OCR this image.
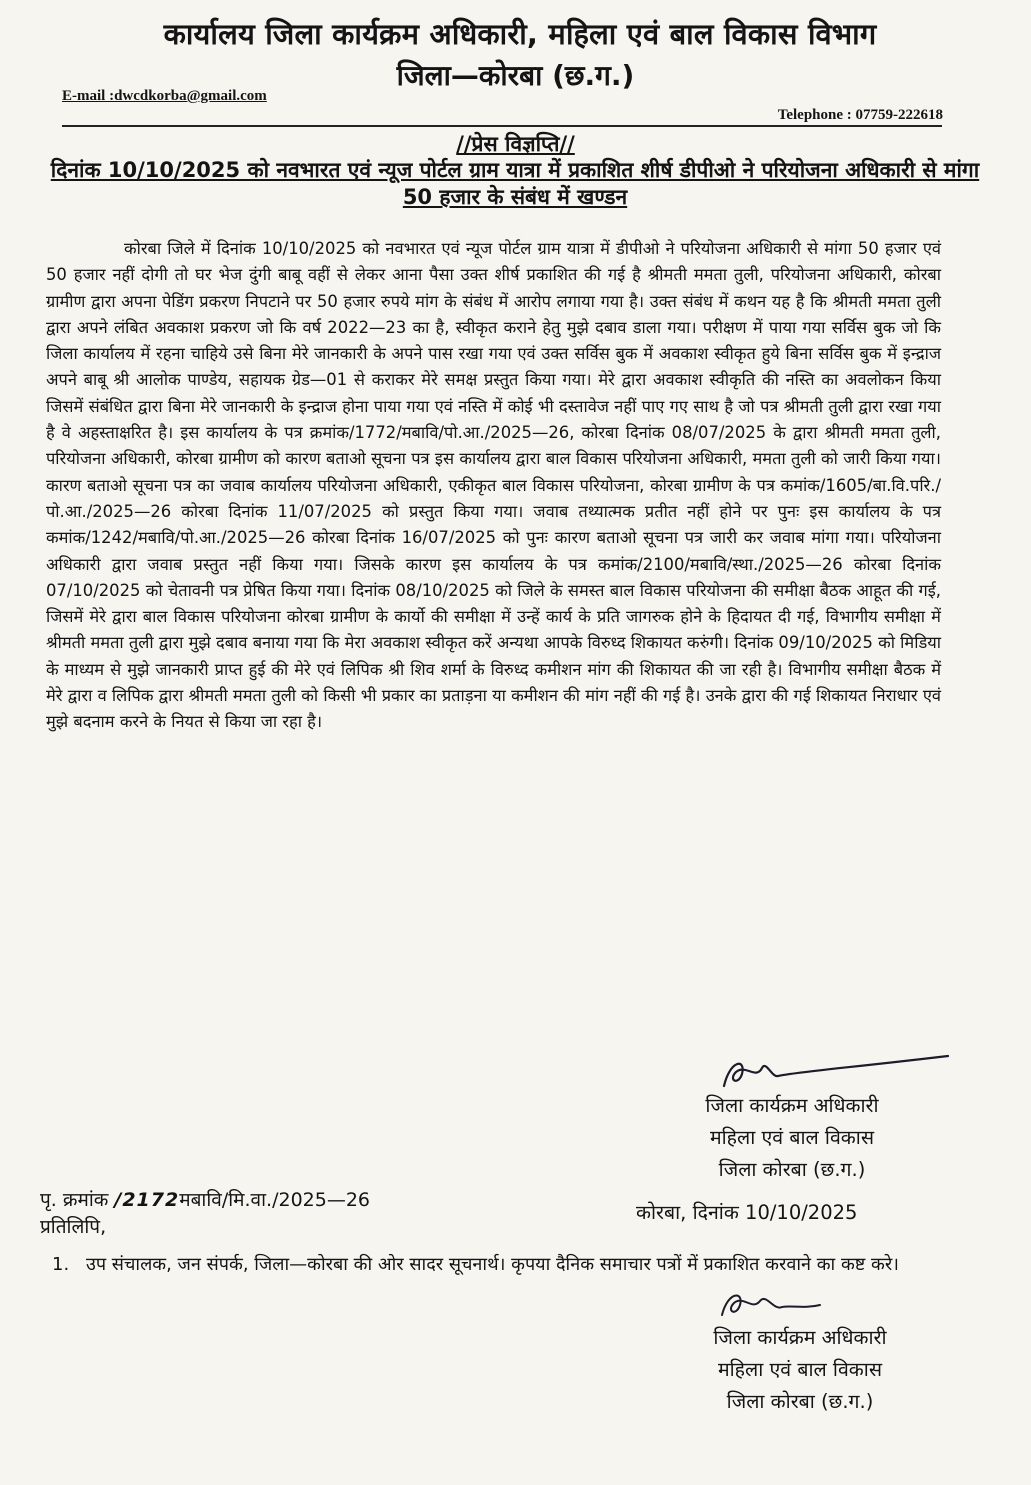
कार्यालय जिला कार्यक्रम अधिकारी, महिला एवं बाल विकास विभाग
जिला—कोरबा (छ.ग.)
E-mail :dwcdkorba@gmail.com
Telephone : 07759-222618
//प्रेस विज्ञप्ति//
दिनांक 10/10/2025 को नवभारत एवं न्यूज पोर्टल ग्राम यात्रा में प्रकाशित शीर्ष डीपीओ ने परियोजना अधिकारी से मांगा 50 हजार के संबंध में खण्डन
कोरबा जिले में दिनांक 10/10/2025 को नवभारत एवं न्यूज पोर्टल ग्राम यात्रा में डीपीओ ने परियोजना अधिकारी से मांगा 50 हजार एवं 50 हजार नहीं दोगी तो घर भेज दुंगी बाबू वहीं से लेकर आना पैसा उक्त शीर्ष प्रकाशित की गई है श्रीमती ममता तुली, परियोजना अधिकारी, कोरबा ग्रामीण द्वारा अपना पेडिंग प्रकरण निपटाने पर 50 हजार रुपये मांग के संबंध में आरोप लगाया गया है। उक्त संबंध में कथन यह है कि श्रीमती ममता तुली द्वारा अपने लंबित अवकाश प्रकरण जो कि वर्ष 2022—23 का है, स्वीकृत कराने हेतु मुझे दबाव डाला गया। परीक्षण में पाया गया सर्विस बुक जो कि जिला कार्यालय में रहना चाहिये उसे बिना मेरे जानकारी के अपने पास रखा गया एवं उक्त सर्विस बुक में अवकाश स्वीकृत हुये बिना सर्विस बुक में इन्द्राज अपने बाबू श्री आलोक पाण्डेय, सहायक ग्रेड—01 से कराकर मेरे समक्ष प्रस्तुत किया गया। मेरे द्वारा अवकाश स्वीकृति की नस्ति का अवलोकन किया जिसमें संबंधित द्वारा बिना मेरे जानकारी के इन्द्राज होना पाया गया एवं नस्ति में कोई भी दस्तावेज नहीं पाए गए साथ है जो पत्र श्रीमती तुली द्वारा रखा गया है वे अहस्ताक्षरित है। इस कार्यालय के पत्र क्रमांक/1772/मबावि/पो.आ./2025—26, कोरबा दिनांक 08/07/2025 के द्वारा श्रीमती ममता तुली, परियोजना अधिकारी, कोरबा ग्रामीण को कारण बताओ सूचना पत्र इस कार्यालय द्वारा बाल विकास परियोजना अधिकारी, ममता तुली को जारी किया गया। कारण बताओ सूचना पत्र का जवाब कार्यालय परियोजना अधिकारी, एकीकृत बाल विकास परियोजना, कोरबा ग्रामीण के पत्र कमांक/1605/बा.वि.परि./पो.आ./2025—26 कोरबा दिनांक 11/07/2025 को प्रस्तुत किया गया। जवाब तथ्यात्मक प्रतीत नहीं होने पर पुनः इस कार्यालय के पत्र कमांक/1242/मबावि/पो.आ./2025—26 कोरबा दिनांक 16/07/2025 को पुनः कारण बताओ सूचना पत्र जारी कर जवाब मांगा गया। परियोजना अधिकारी द्वारा जवाब प्रस्तुत नहीं किया गया। जिसके कारण इस कार्यालय के पत्र कमांक/2100/मबावि/स्था./2025—26 कोरबा दिनांक 07/10/2025 को चेतावनी पत्र प्रेषित किया गया। दिनांक 08/10/2025 को जिले के समस्त बाल विकास परियोजना की समीक्षा बैठक आहूत की गई, जिसमें मेरे द्वारा बाल विकास परियोजना कोरबा ग्रामीण के कार्यो की समीक्षा में उन्हें कार्य के प्रति जागरुक होने के हिदायत दी गई, विभागीय समीक्षा में श्रीमती ममता तुली द्वारा मुझे दबाव बनाया गया कि मेरा अवकाश स्वीकृत करें अन्यथा आपके विरुध्द शिकायत करुंगी। दिनांक 09/10/2025 को मिडिया के माध्यम से मुझे जानकारी प्राप्त हुई की मेरे एवं लिपिक श्री शिव शर्मा के विरुध्द कमीशन मांग की शिकायत की जा रही है। विभागीय समीक्षा बैठक में मेरे द्वारा व लिपिक द्वारा श्रीमती ममता तुली को किसी भी प्रकार का प्रताड़ना या कमीशन की मांग नहीं की गई है। उनके द्वारा की गई शिकायत निराधार एवं मुझे बदनाम करने के नियत से किया जा रहा है।
जिला कार्यक्रम अधिकारी
महिला एवं बाल विकास
जिला कोरबा (छ.ग.)
पृ. क्रमांक /2172मबावि/मि.वा./2025—26
प्रतिलिपि,
कोरबा, दिनांक 10/10/2025
1. उप संचालक, जन संपर्क, जिला—कोरबा की ओर सादर सूचनार्थ। कृपया दैनिक समाचार पत्रों में प्रकाशित करवाने का कष्ट करे।
जिला कार्यक्रम अधिकारी
महिला एवं बाल विकास
जिला कोरबा (छ.ग.)
